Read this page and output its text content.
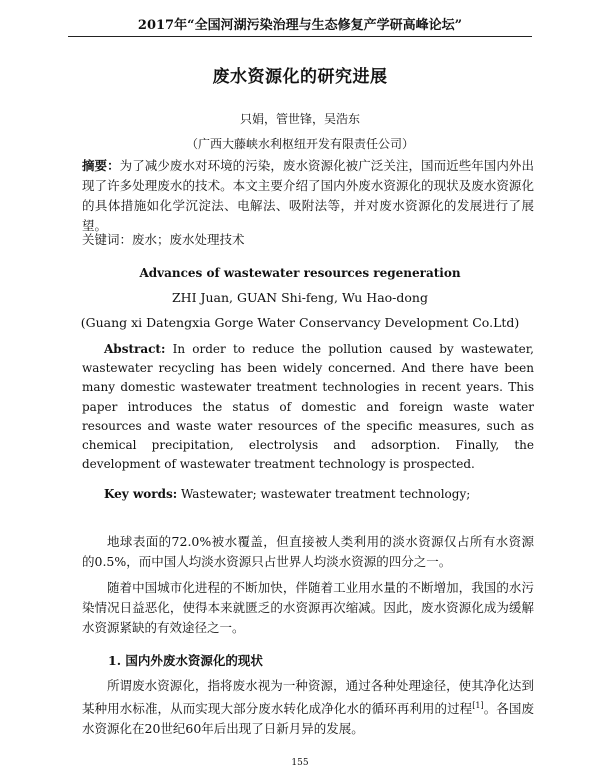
2017年“全国河湖污染治理与生态修复产学研高峰论坛”
废水资源化的研究进展
只娟，管世锋，吴浩东
（广西大藤峡水利枢纽开发有限责任公司）
摘要：为了减少废水对环境的污染，废水资源化被广泛关注，国而近些年国内外出现了许多处理废水的技术。本文主要介绍了国内外废水资源化的现状及废水资源化的具体措施如化学沉淀法、电解法、吸附法等，并对废水资源化的发展进行了展望。
关键词：废水；废水处理技术
Advances of wastewater resources regeneration
ZHI Juan, GUAN Shi-feng, Wu Hao-dong
(Guang xi Datengxia Gorge Water Conservancy Development Co.Ltd)
Abstract: In order to reduce the pollution caused by wastewater, wastewater recycling has been widely concerned. And there have been many domestic wastewater treatment technologies in recent years. This paper introduces the status of domestic and foreign waste water resources and waste water resources of the specific measures, such as chemical precipitation, electrolysis and adsorption. Finally, the development of wastewater treatment technology is prospected.
Key words: Wastewater; wastewater treatment technology;
地球表面的72.0%被水覆盖，但直接被人类利用的淡水资源仅占所有水资源的0.5%，而中国人均淡水资源只占世界人均淡水资源的四分之一。
随着中国城市化进程的不断加快，伴随着工业用水量的不断增加，我国的水污染情况日益恶化，使得本来就匮乏的水资源再次缩减。因此，废水资源化成为缓解水资源紧缺的有效途径之一。
1. 国内外废水资源化的现状
所谓废水资源化，指将废水视为一种资源，通过各种处理途径，使其净化达到某种用水标准，从而实现大部分废水转化成净化水的循环再利用的过程[1]。各国废水资源化在20世纪60年后出现了日新月异的发展。
155
